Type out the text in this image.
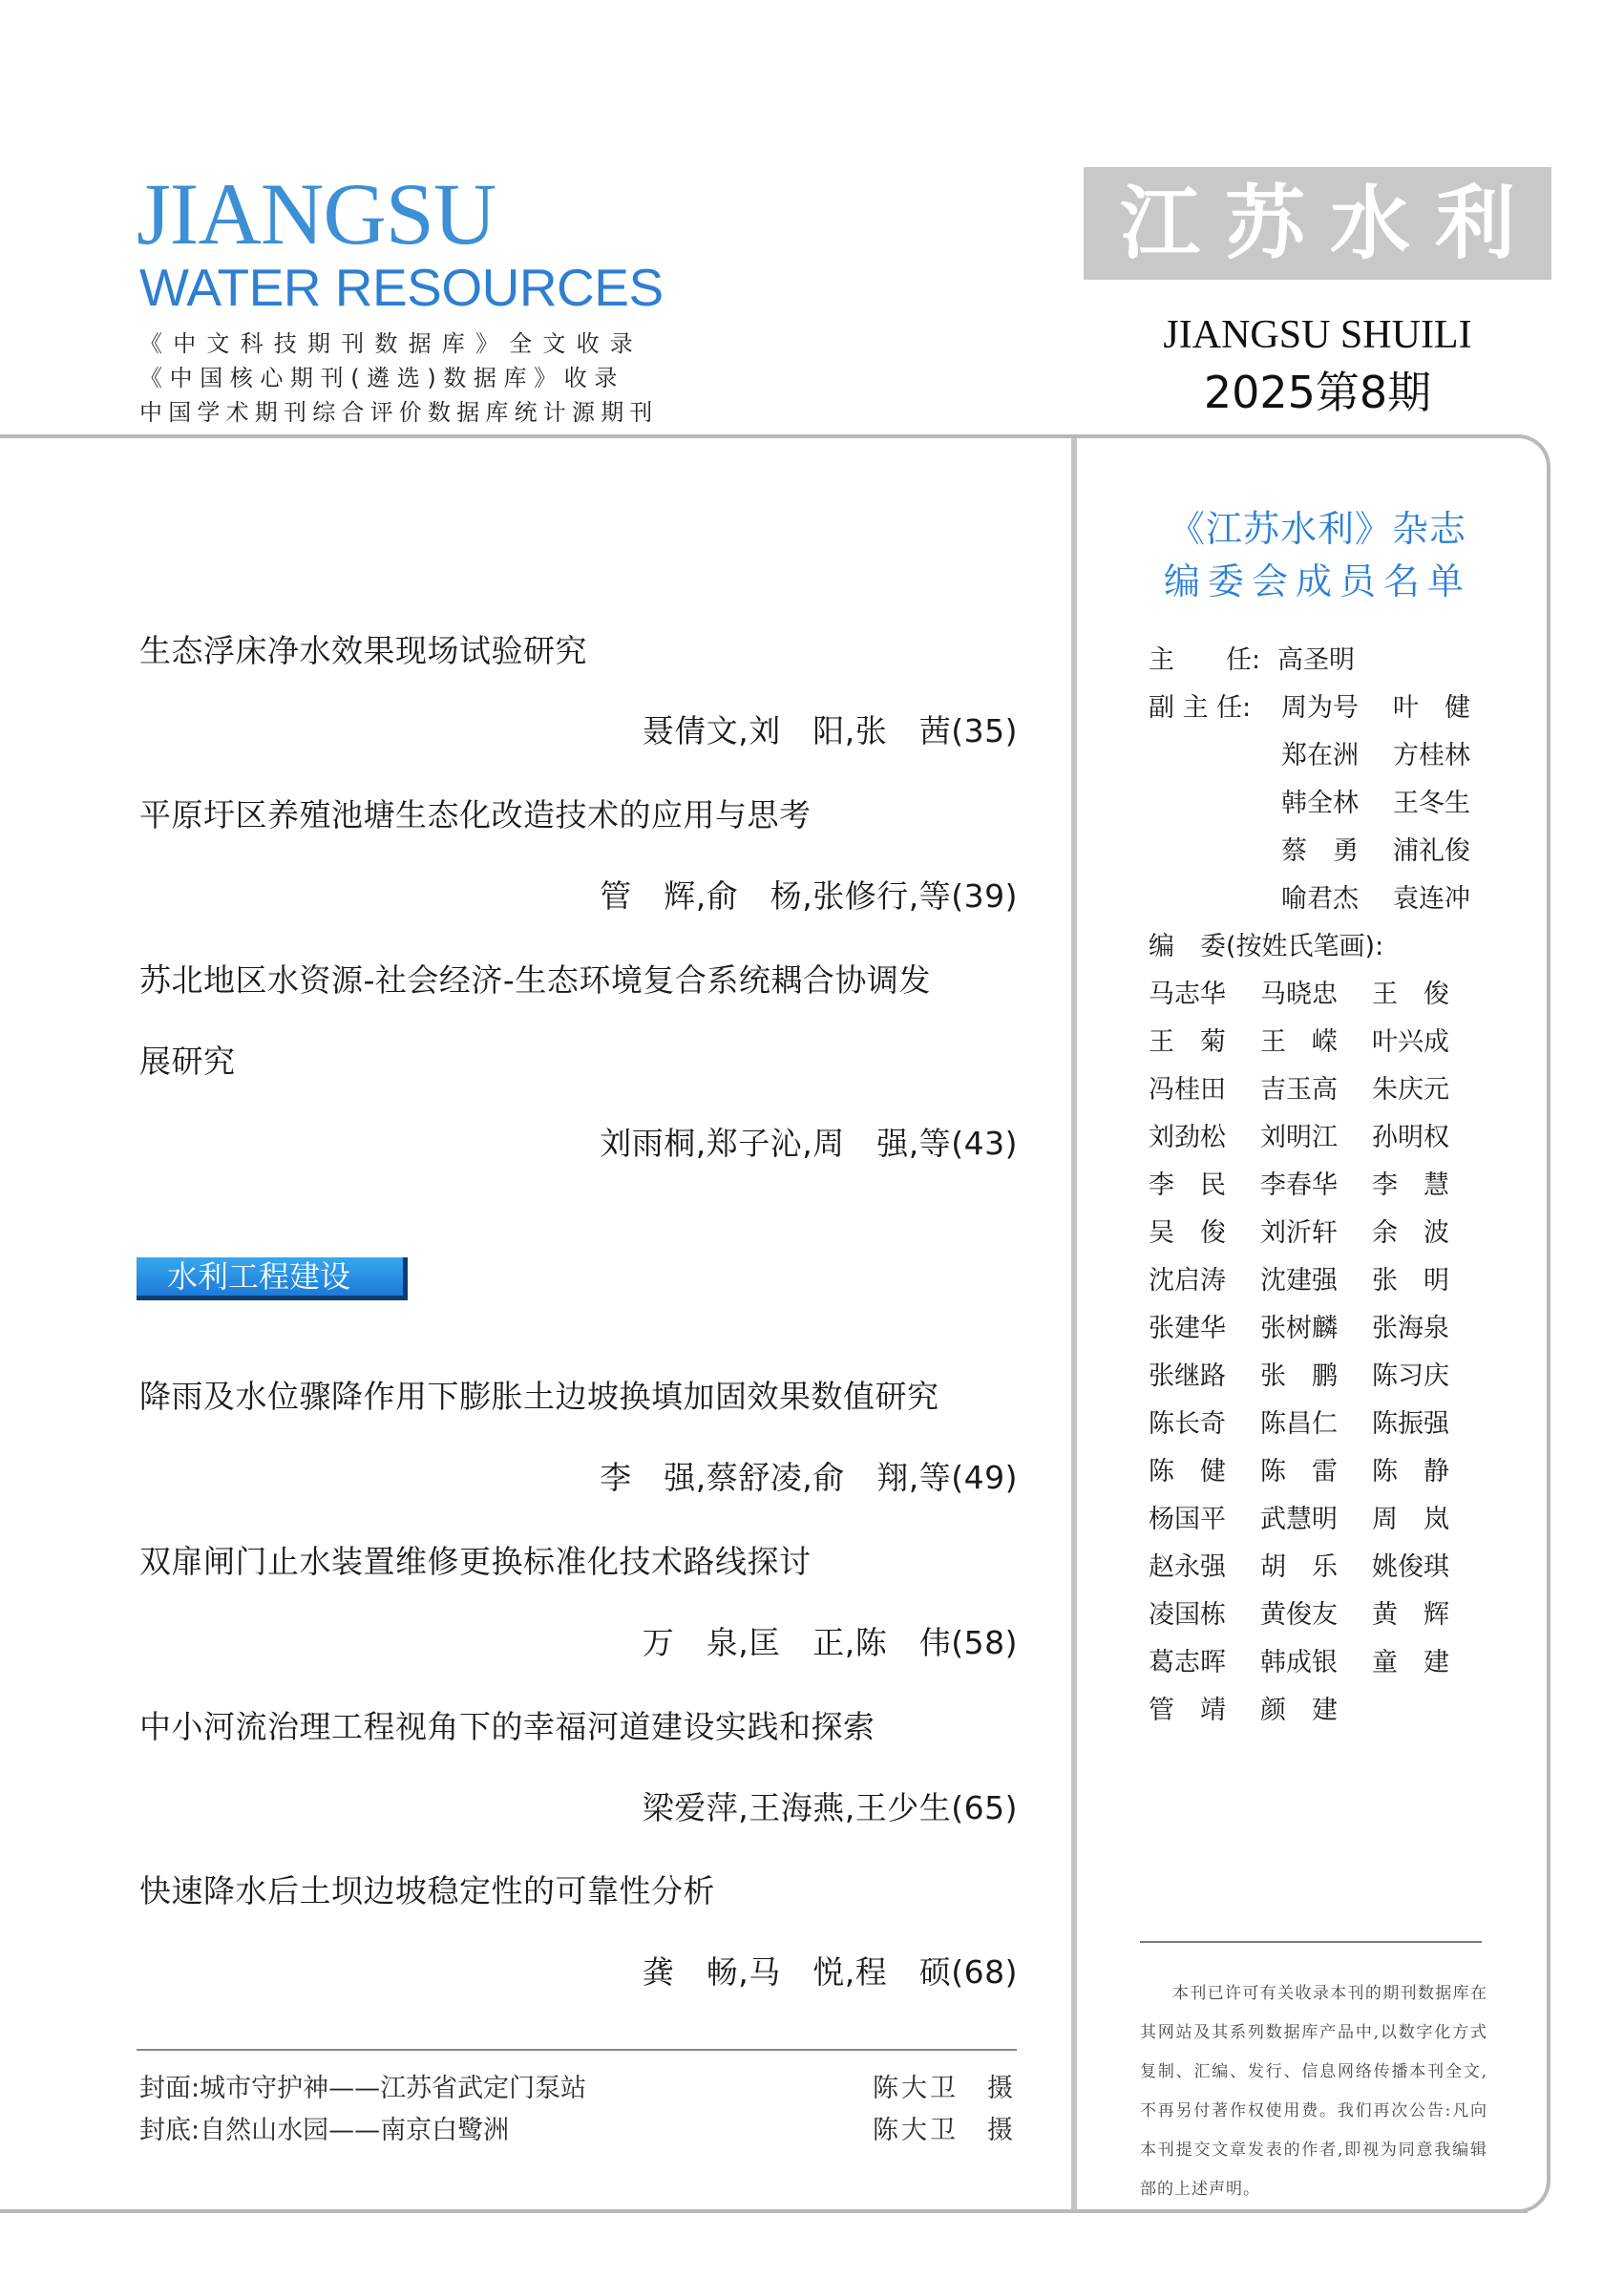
JIANGSU
WATER RESOURCES
《中文科技期刊数据库》全文收录
《中国核心期刊(遴选)数据库》收录
中国学术期刊综合评价数据库统计源期刊
江苏水利
JIANGSU SHUILI
2025第8期
生态浮床净水效果现场试验研究
聂倩文,刘　阳,张　茜(35)
平原圩区养殖池塘生态化改造技术的应用与思考
管　辉,俞　杨,张修行,等(39)
苏北地区水资源-社会经济-生态环境复合系统耦合协调发
展研究
刘雨桐,郑子沁,周　强,等(43)
水利工程建设
降雨及水位骤降作用下膨胀土边坡换填加固效果数值研究
李　强,蔡舒凌,俞　翔,等(49)
双扉闸门止水装置维修更换标准化技术路线探讨
万　泉,匡　正,陈　伟(58)
中小河流治理工程视角下的幸福河道建设实践和探索
梁爱萍,王海燕,王少生(65)
快速降水后土坝边坡稳定性的可靠性分析
龚　畅,马　悦,程　硕(68)
封面:城市守护神——江苏省武定门泵站	陈大卫　摄
封底:自然山水园——南京白鹭洲	陈大卫　摄
《江苏水利》杂志
编委会成员名单
主　　任: 高圣明
副 主 任: 周为号 叶　健
郑在洲 方桂林
韩全林 王冬生
蔡　勇 浦礼俊
喻君杰 袁连冲
编　委(按姓氏笔画):
马志华 马晓忠 王　俊
王　菊 王　嵘 叶兴成
冯桂田 吉玉高 朱庆元
刘劲松 刘明江 孙明权
李　民 李春华 李　慧
吴　俊 刘沂轩 余　波
沈启涛 沈建强 张　明
张建华 张树麟 张海泉
张继路 张　鹏 陈习庆
陈长奇 陈昌仁 陈振强
陈　健 陈　雷 陈　静
杨国平 武慧明 周　岚
赵永强 胡　乐 姚俊琪
凌国栋 黄俊友 黄　辉
葛志晖 韩成银 童　建
管　靖 颜　建
本刊已许可有关收录本刊的期刊数据库在其网站及其系列数据库产品中,以数字化方式复制、汇编、发行、信息网络传播本刊全文,不再另付著作权使用费。我们再次公告:凡向本刊提交文章发表的作者,即视为同意我编辑部的上述声明。
